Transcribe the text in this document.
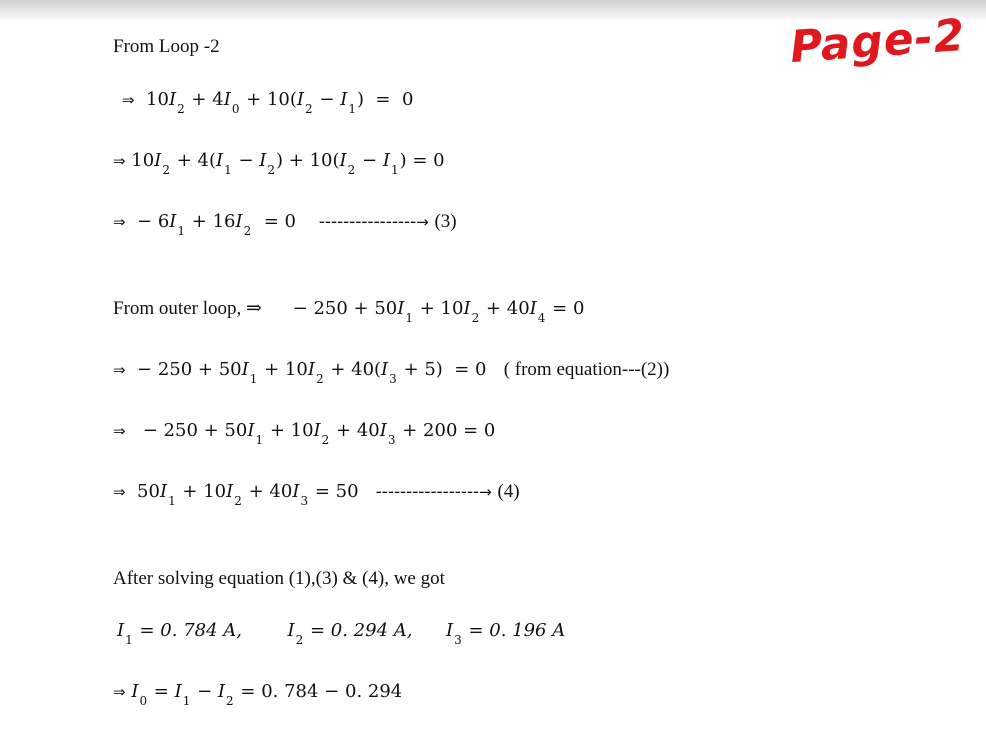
Page-2
From Loop -2
⇒  $10I_2 + 4I_0 + 10(I_2 - I_1) = 0$
⇒ $10I_2 + 4(I_1 - I_2) + 10(I_2 - I_1) = 0$
⇒  − $6I_1 + 16I_2 = 0$    ----------------→ (3)
From outer loop, ⇒ − $250 + 50I_1 + 10I_2 + 40I_4 = 0$
⇒  − $250 + 50I_1 + 10I_2 + 40(I_3 + 5) = 0$   ( from equation---(2))
⇒   − $250 + 50I_1 + 10I_2 + 40I_3 + 200 = 0$
⇒  $50I_1 + 10I_2 + 40I_3 = 50$   -----------------→ (4)
After solving equation (1),(3) & (4), we got
$I_1 = 0$. 784 A,	$I_2 = 0$. 294 A, $I_3 = 0$. 196 A
⇒ $I_0 = I_1 - I_2 = 0$. 784 − 0. 294
